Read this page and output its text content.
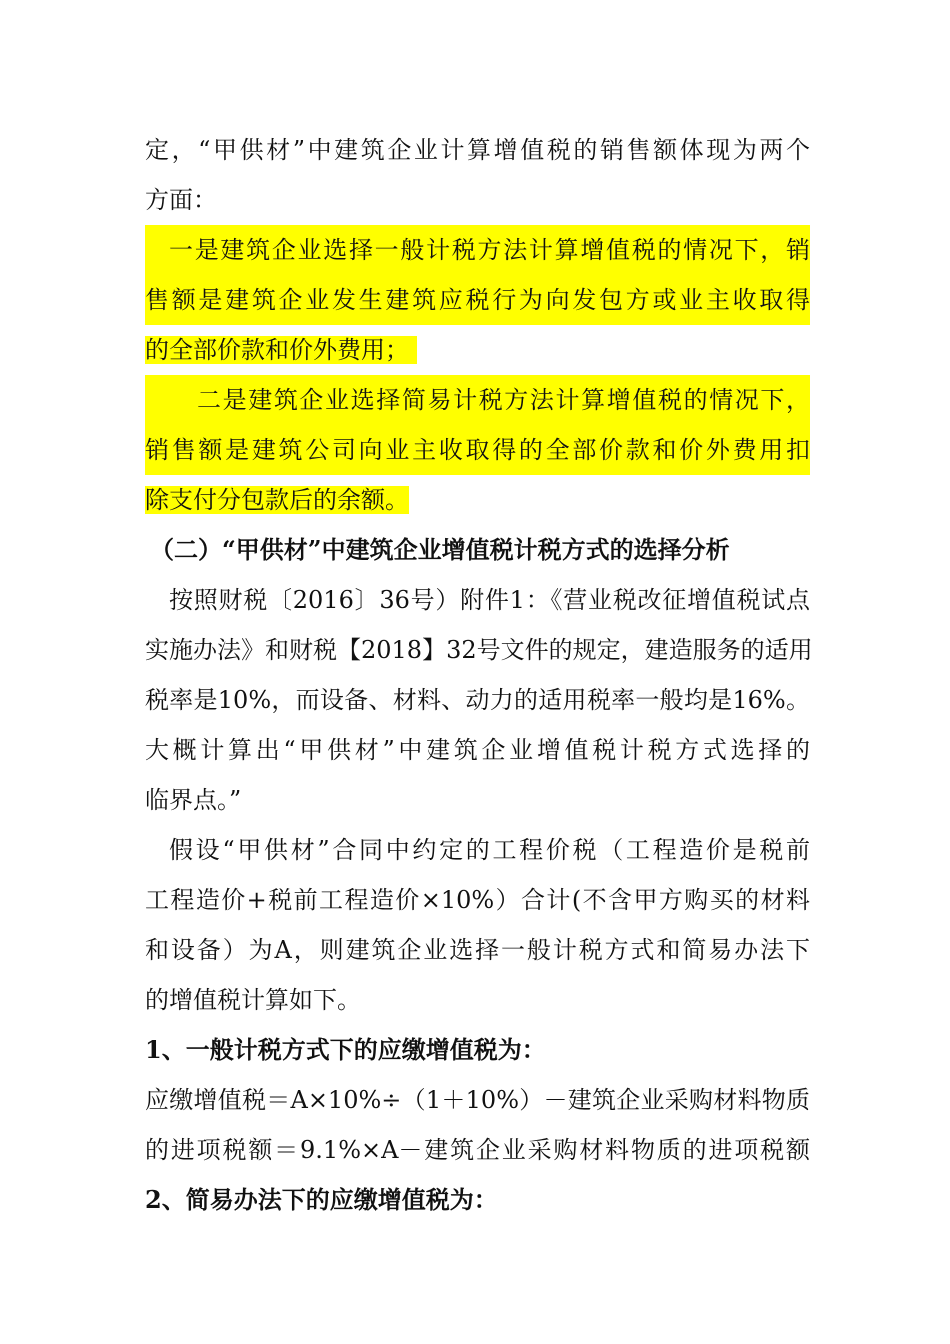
定，“甲供材”中建筑企业计算增值税的销售额体现为两个
方面：
一是建筑企业选择一般计税方法计算增值税的情况下，销
售额是建筑企业发生建筑应税行为向发包方或业主收取得
的全部价款和价外费用；
二是建筑企业选择简易计税方法计算增值税的情况下，
销售额是建筑公司向业主收取得的全部价款和价外费用扣
除支付分包款后的余额。
（二）“甲供材”中建筑企业增值税计税方式的选择分析
按照财税〔2016〕36号）附件1：《营业税改征增值税试点
实施办法》和财税【2018】32号文件的规定，建造服务的适用
税率是10%，而设备、材料、动力的适用税率一般均是16%。
大概计算出“甲供材”中建筑企业增值税计税方式选择的
临界点。”
假设“甲供材”合同中约定的工程价税（工程造价是税前
工程造价+税前工程造价×10%）合计(不含甲方购买的材料
和设备）为A，则建筑企业选择一般计税方式和简易办法下
的增值税计算如下。
1、一般计税方式下的应缴增值税为：
应缴增值税＝A×10%÷（1＋10%）－建筑企业采购材料物质
的进项税额＝9.1%×A－建筑企业采购材料物质的进项税额
2、简易办法下的应缴增值税为：
